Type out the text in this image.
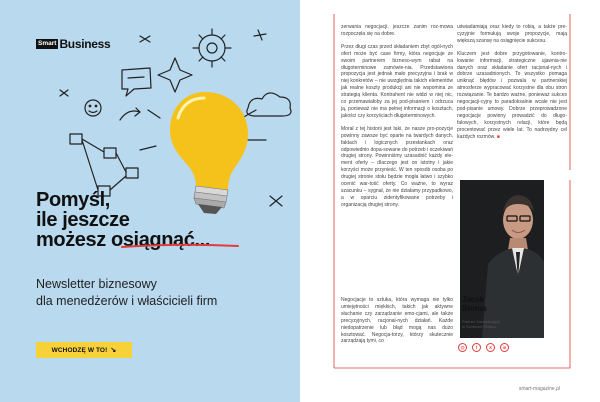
Smart Business
Pomyśl,
ile jeszcze
możesz osiągnąć...
Newsletter biznesowy
dla menedżerów i właścicieli firm
WCHODZĘ W TO! ↘

zerwania negocjacji, jeszcze zanim roz-mowa rozpoczęła się na dobre.

Przez długi czas przed składaniem zbyt ogól-nych ofert może być case firmy, która negocjuje ze swoim partnerem bizneso-wym rabat na długoterminowe zamówie-nia. Przedstawiona propozycja jest jednak mało precyzyjna i brak w niej konkretów – nie uwzględnia takich elementów jak realne koszty produkcji ani nie wspomina ze strategią klienta. Kontrahent nie widzi w niej nic, co przemawiałoby za jej pod-pisaniem i odrzuca ją, ponieważ nie ma pełnej informacji o kosztach, jakości czy korzyściach długoterminowych.

Morał z tej historii jest taki, że nasze pro-pozycje powinny zawsze być oparte na twardych danych, faktach i logicznych przesłankach oraz odpowiednio dopa-sowane do potrzeb i oczekiwań drugiej strony. Powinniśmy uzasadnić każdy ele-ment oferty – dlaczego jest on istotny i jakie korzyści może przynieść. W ten sposób osoba po drugiej stronie stołu będzie mogła łatwo i szybko ocenić war-tość oferty. Co ważne, to wyraz szacunku – sygnał, że nie działamy przypadkowo, a w oparciu zidentyfikowane potrzeby i organizacją drugiej strony.

Negocjacje to sztuka, która wymaga nie tylko umiejętności miękkich, takich jak aktywne słuchanie czy zarządzanie emo-cjami, ale także precyzyjnych, racjonal-nych działań. Każde niedopatrzenie lub błąd mogą nas dużo kosztować. Negocja-torzy, którzy skutecznie zarządzają tymi, co

uświadamiają oraz kiedy to robią, a także pre-cyzyjnie formułują swoje propozycje, mają większą szansę na osiągnięcie sukcesu.

Kluczem jest dobre przygotowanie, kontro-lowanie informacji, strategiczne ujawnia-nie danych oraz składanie ofert racjonal-nych i dobrze uzasadnionych. To wszystko pomaga uniknąć błędów i pozwala w partnerskiej atmosferze wypracować korzystne dla obu stron rozwiązanie. Te bardzo ważne, ponieważ sukces negocjacji-cyjny to paradoksalnie wcale nie jest pod-pisanie umowy. Dobrze przeprowadzone negocjacje powinny prowadzić do długo-falowych, korzystnych relacji, które będą procentować przez wiele lat. To nadrzędny cel każdych rozmów. ■

Jacek

Stoma

Partner Zarządzający

w Scotwork Polska

@	f	X	in
smart-magazine.pl
